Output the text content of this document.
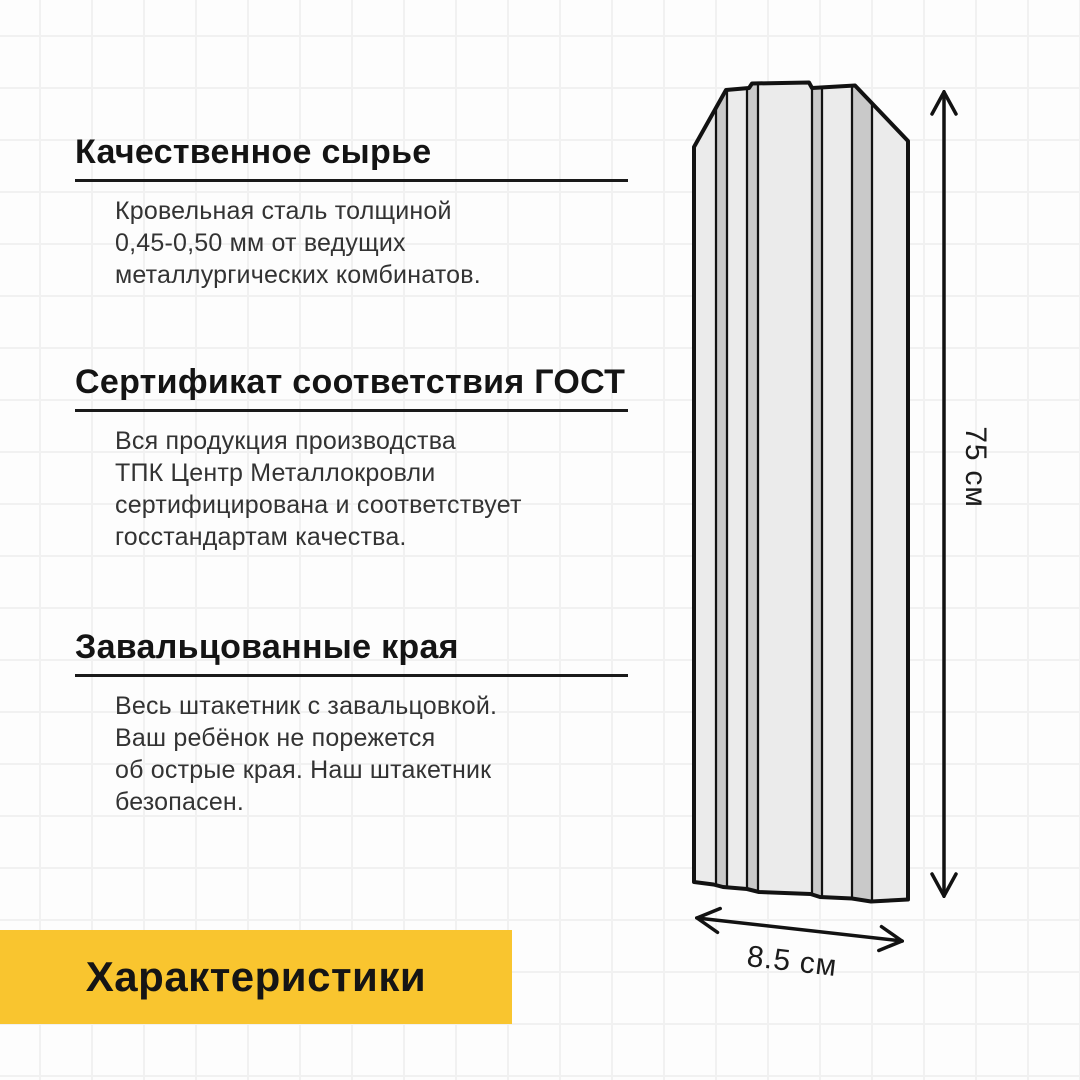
Качественное сырье
Кровельная сталь толщиной
0,45-0,50 мм от ведущих
металлургических комбинатов.
Сертификат соответствия ГОСТ
Вся продукция производства
ТПК Центр Металлокровли
сертифицирована и соответствует
госстандартам качества.
Завальцованные края
Весь штакетник с завальцовкой.
Ваш ребёнок не порежется
об острые края. Наш штакетник
безопасен.
75 см
8.5 см
Характеристики
